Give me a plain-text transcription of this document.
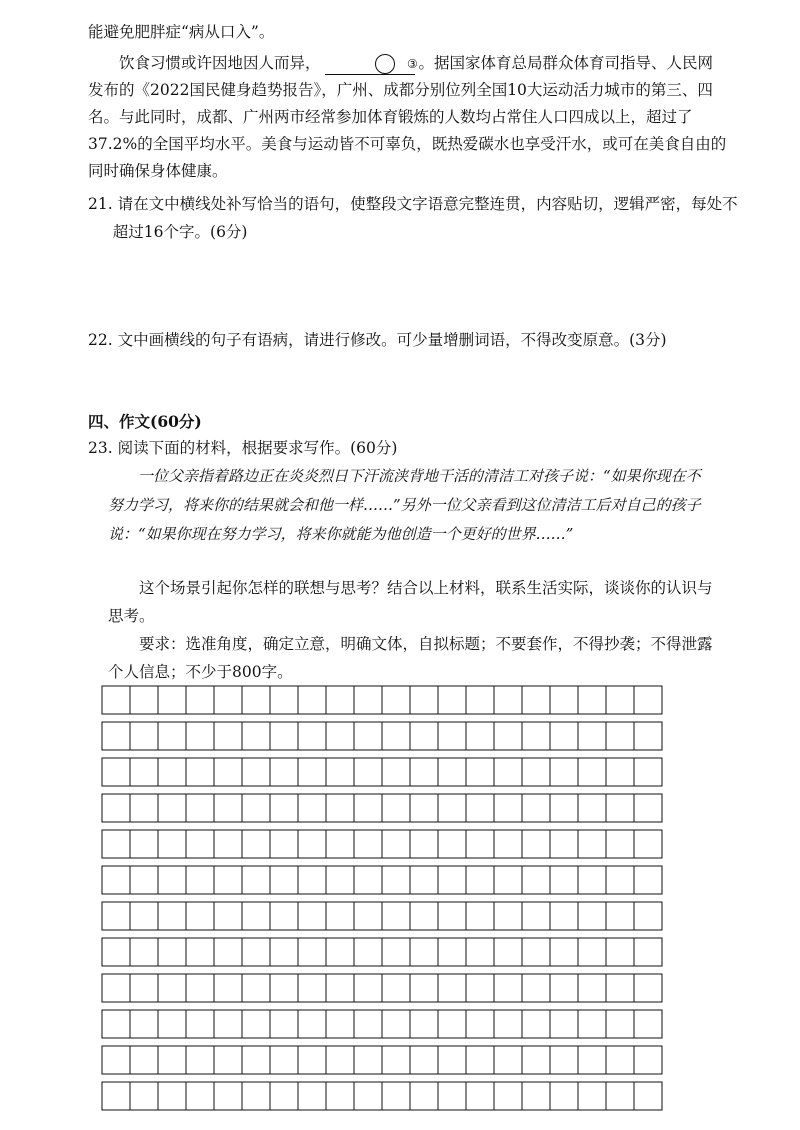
能避免肥胖症“病从口入”。
饮食习惯或许因地因人而异，	③。据国家体育总局群众体育司指导、人民网发布的《2022国民健身趋势报告》，广州、成都分别位列全国10大运动活力城市的第三、四名。与此同时，成都、广州两市经常参加体育锻炼的人数均占常住人口四成以上，超过了37.2%的全国平均水平。美食与运动皆不可辜负，既热爱碳水也享受汗水，或可在美食自由的同时确保身体健康。
21. 请在文中横线处补写恰当的语句，使整段文字语意完整连贯，内容贴切，逻辑严密，每处不超过16个字。(6分)
22. 文中画横线的句子有语病，请进行修改。可少量增删词语，不得改变原意。(3分)
四、作文(60分)
23. 阅读下面的材料，根据要求写作。(60分)
一位父亲指着路边正在炎炎烈日下汗流浃背地干活的清洁工对孩子说：“如果你现在不努力学习，将来你的结果就会和他一样……”另外一位父亲看到这位清洁工后对自己的孩子说：“如果你现在努力学习，将来你就能为他创造一个更好的世界……”
这个场景引起你怎样的联想与思考？结合以上材料，联系生活实际，谈谈你的认识与思考。
要求：选准角度，确定立意，明确文体，自拟标题；不要套作，不得抄袭；不得泄露个人信息；不少于800字。
